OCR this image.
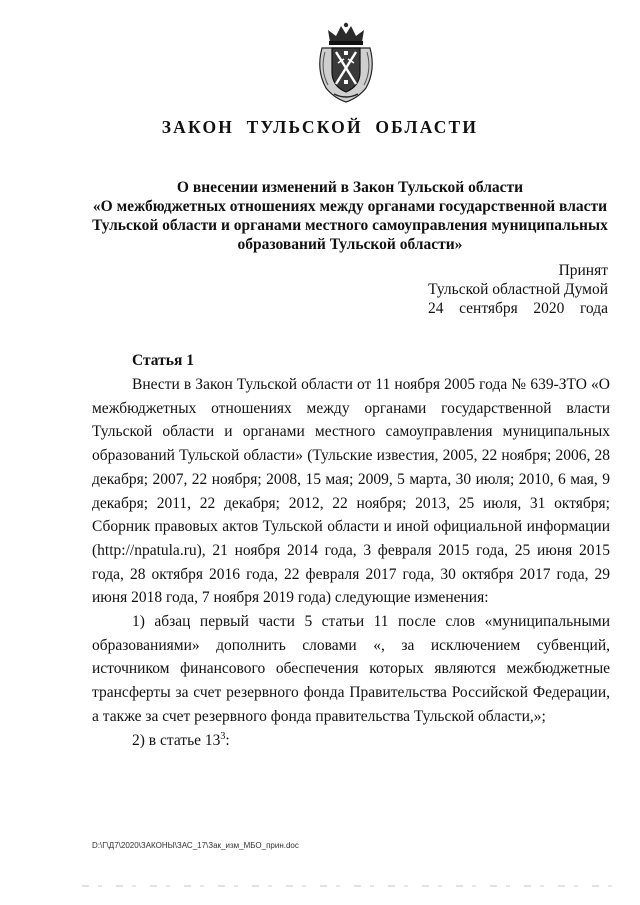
ЗАКОН ТУЛЬСКОЙ ОБЛАСТИ
О внесении изменений в Закон Тульской области
«О межбюджетных отношениях между органами государственной власти
Тульской области и органами местного самоуправления муниципальных
образований Тульской области»
Принят
Тульской областной Думой
24 сентября 2020 года
Статья 1

Внести в Закон Тульской области от 11 ноября 2005 года № 639-ЗТО «О межбюджетных отношениях между органами государственной власти Тульской области и органами местного самоуправления муниципальных образований Тульской области» (Тульские известия, 2005, 22 ноября; 2006, 28 декабря; 2007, 22 ноября; 2008, 15 мая; 2009, 5 марта, 30 июля; 2010, 6 мая, 9 декабря; 2011, 22 декабря; 2012, 22 ноября; 2013, 25 июля, 31 октября; Сборник правовых актов Тульской области и иной официальной информации (http://npatula.ru), 21 ноября 2014 года, 3 февраля 2015 года, 25 июня 2015 года, 28 октября 2016 года, 22 февраля 2017 года, 30 октября 2017 года, 29 июня 2018 года, 7 ноября 2019 года) следующие изменения:

1) абзац первый части 5 статьи 11 после слов «муниципальными образованиями» дополнить словами «, за исключением субвенций, источником финансового обеспечения которых являются межбюджетные трансферты за счет резервного фонда Правительства Российской Федерации, а также за счет резервного фонда правительства Тульской области,»;

2) в статье $13^3$:

D:\Г\Д7\2020\ЗАКОНЫ\ЗАС_17\Зак_изм_МБО_прин.doc
